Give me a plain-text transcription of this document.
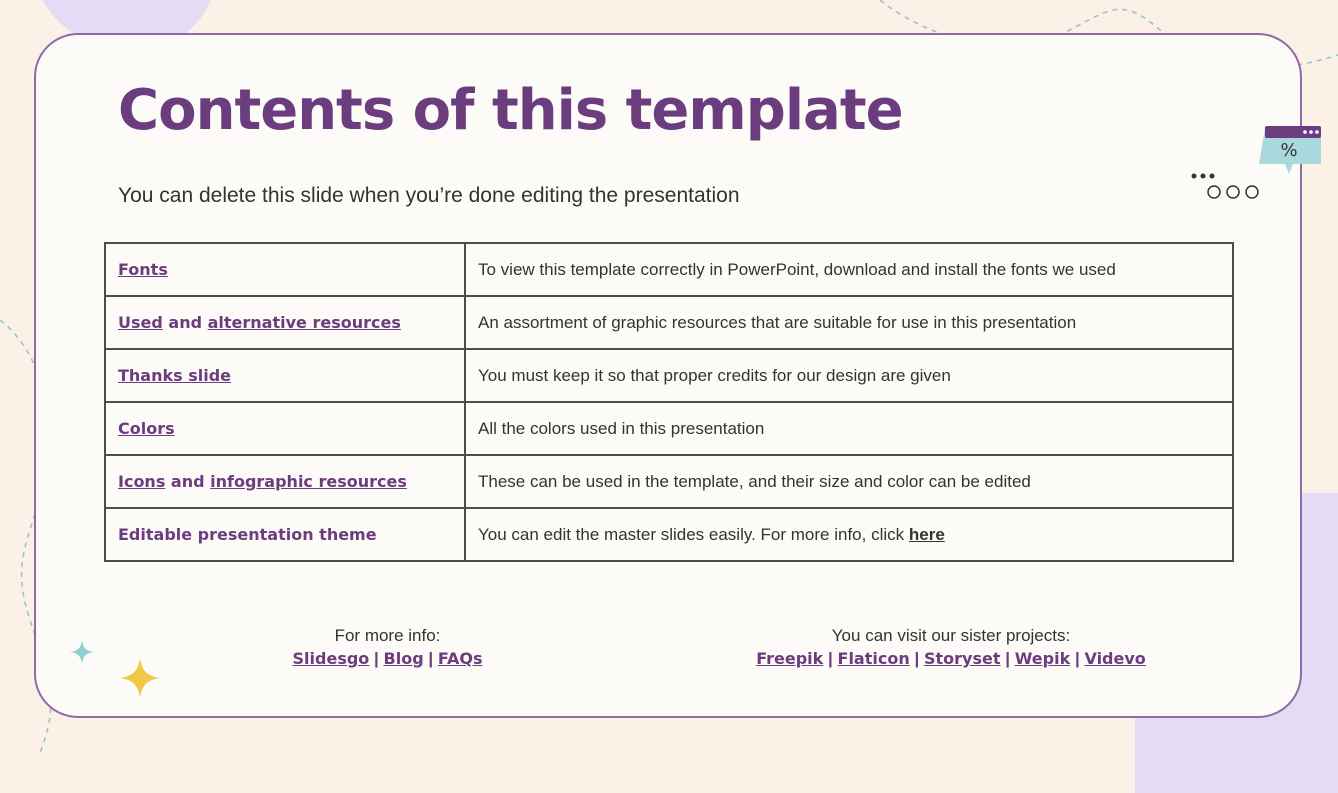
Contents of this template
You can delete this slide when you’re done editing the presentation
%
Fonts	To view this template correctly in PowerPoint, download and install the fonts we used
Used and alternative resources	An assortment of graphic resources that are suitable for use in this presentation
Thanks slide	You must keep it so that proper credits for our design are given
Colors	All the colors used in this presentation
Icons and infographic resources	These can be used in the template, and their size and color can be edited
Editable presentation theme	You can edit the master slides easily. For more info, click here
For more info:
Slidesgo | Blog | FAQs
You can visit our sister projects:
Freepik | Flaticon | Storyset | Wepik | Videvo
